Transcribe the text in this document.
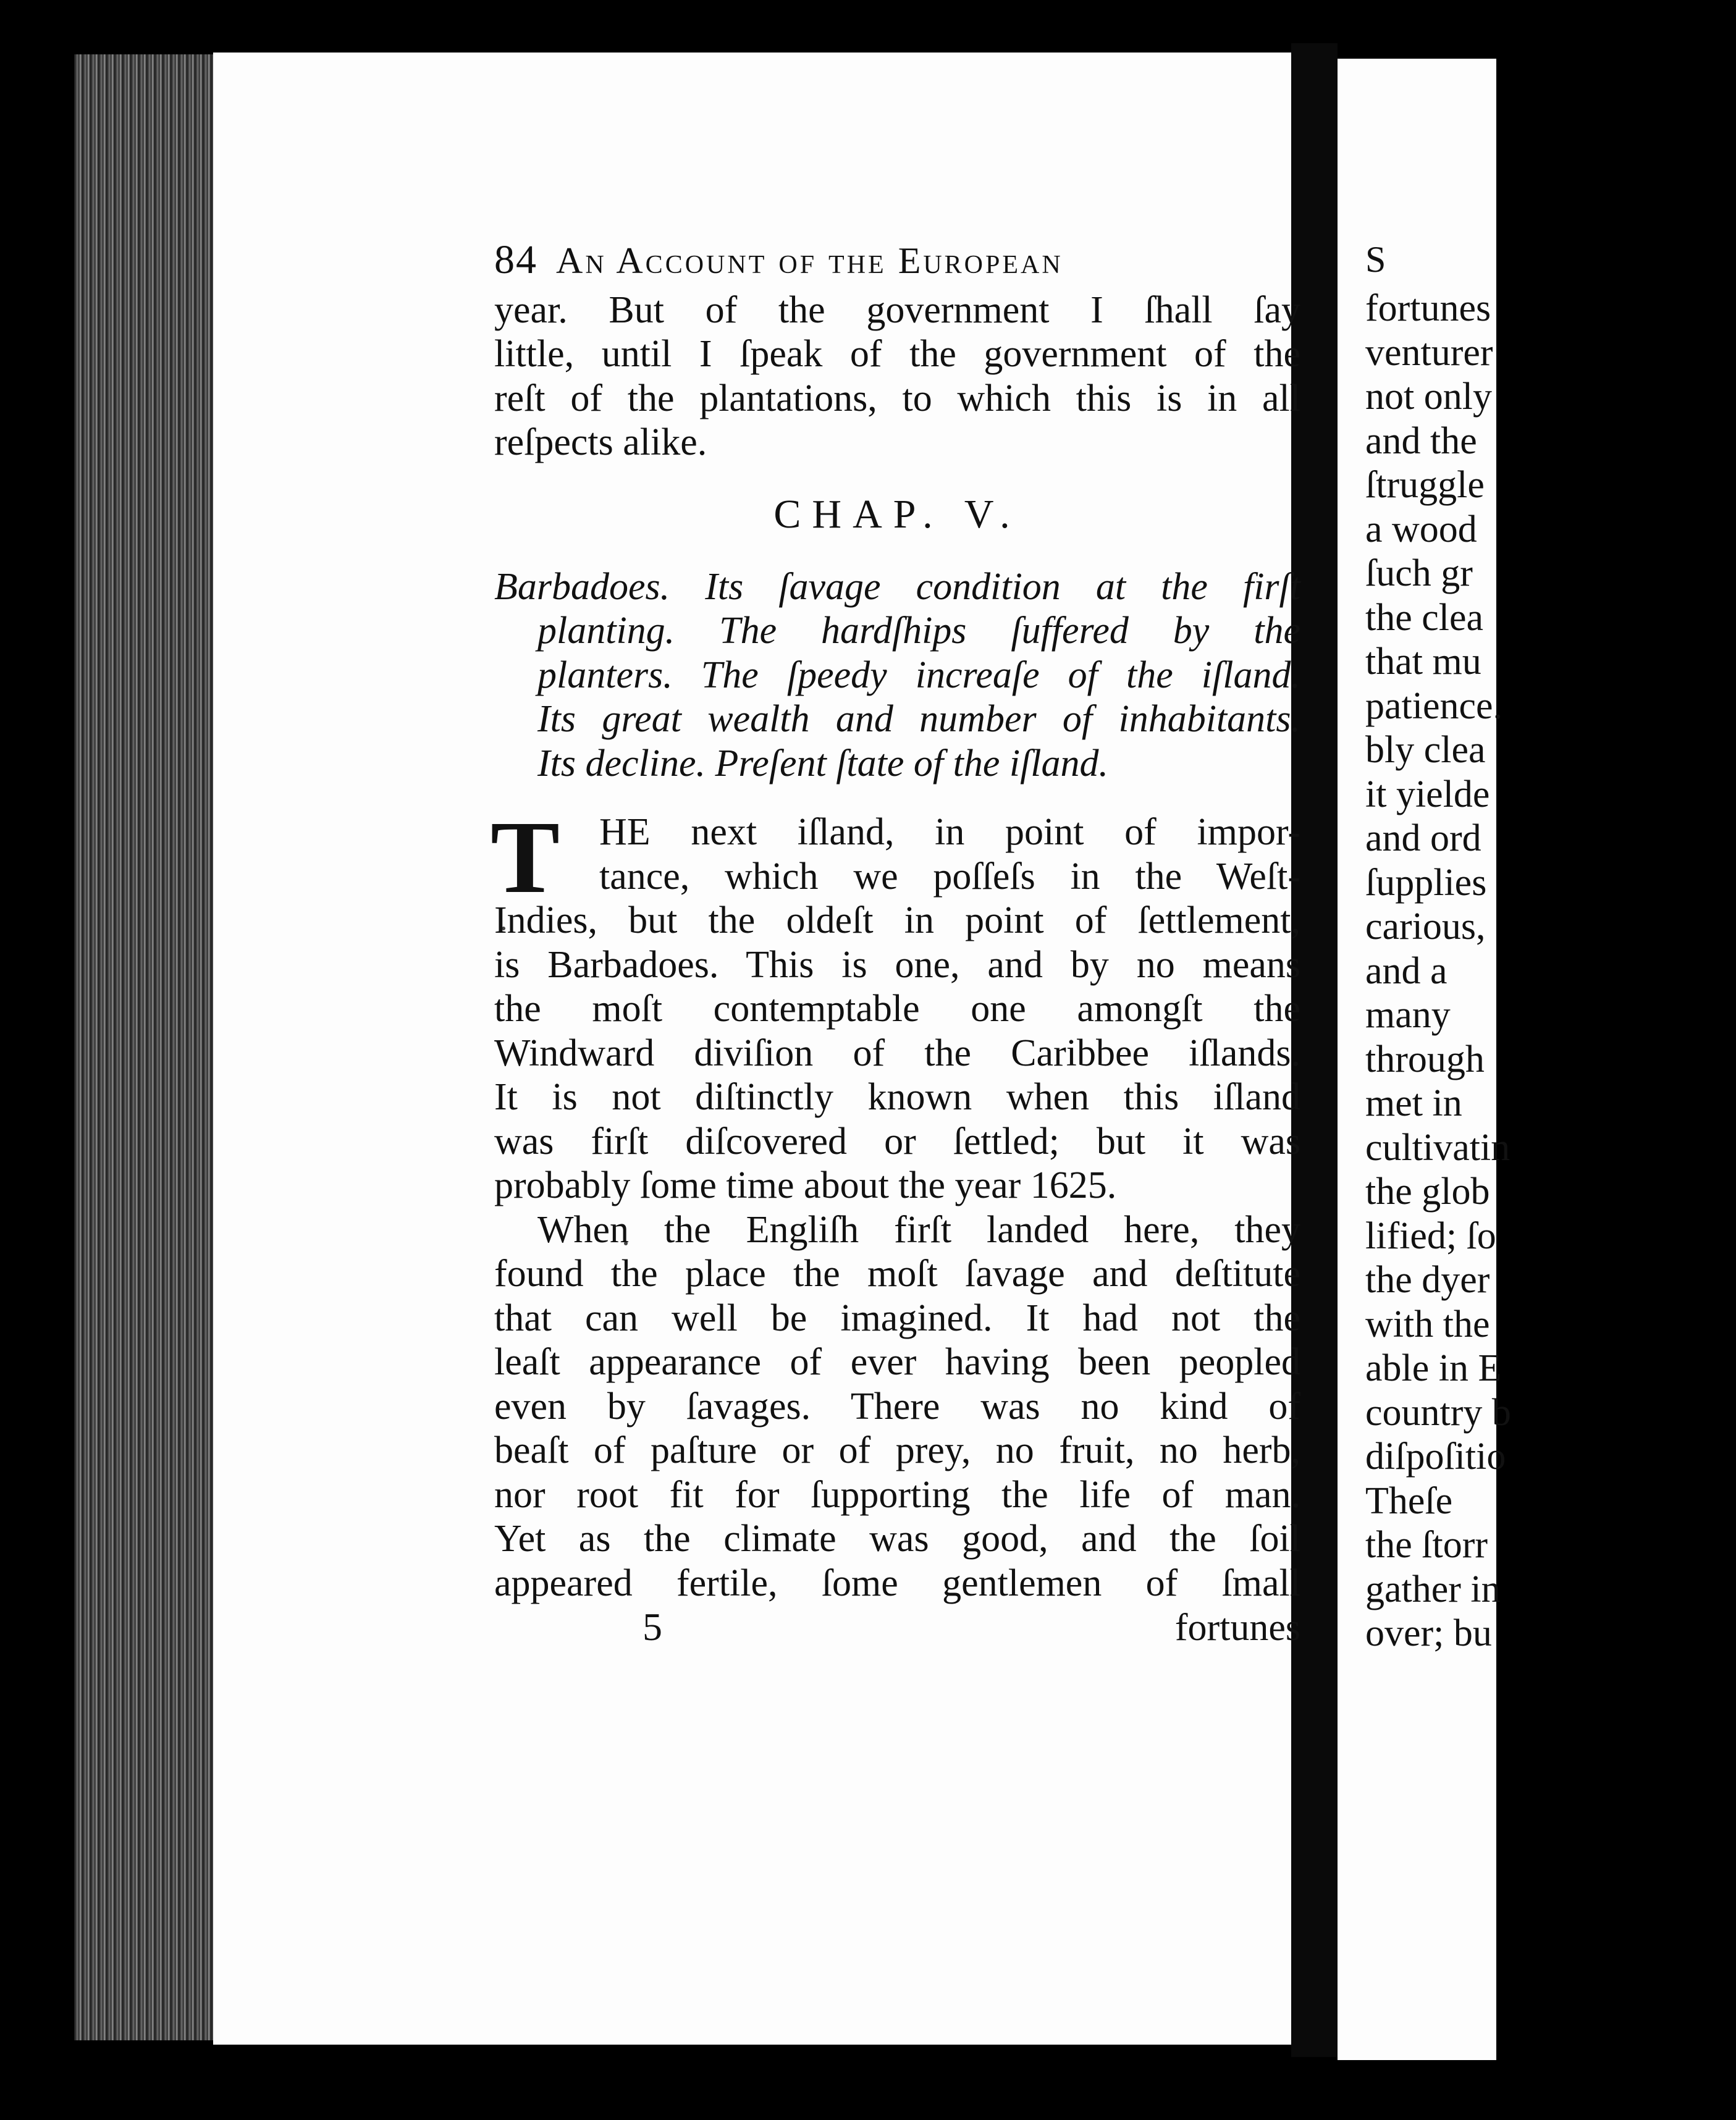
84 An Account of the European
year. But of the government I ſhall ſay
little, until I ſpeak of the government of the
reſt of the plantations, to which this is in all
reſpects alike.
CHAP. V.
Barbadoes. Its ſavage condition at the firſt
planting. The hardſhips ſuffered by the
planters. The ſpeedy increaſe of the iſland.
Its great wealth and number of inhabitants.
Its decline. Preſent ſtate of the iſland.
T	HE next iſland, in point of impor-
tance, which we poſſeſs in the Weſt-
Indies, but the oldeſt in point of ſettlement,
is Barbadoes. This is one, and by no means
the moſt contemptable one amongſt the
Windward diviſion of the Caribbee iſlands.
It is not diſtinctly known when this iſland
was firſt diſcovered or ſettled; but it was
probably ſome time about the year 1625.
When the Engliſh firſt landed here, they
found the place the moſt ſavage and deſtitute
that can well be imagined. It had not the
leaſt appearance of ever having been peopled
even by ſavages. There was no kind of
beaſt of paſture or of prey, no fruit, no herb,
nor root fit for ſupporting the life of man.
Yet as the climate was good, and the ſoil
appeared fertile, ſome gentlemen of ſmall
5	fortunes
S
fortunes
venturer
not only
and the
ſtruggle
a wood
ſuch gr
the clea
that mu
patience.
bly clea
it yielde
and ord
ſupplies
carious,
and a
many
through
met in
cultivatin
the glob
lified; ſo
the dyer
with the
able in E
country b
diſpoſitio
Theſe
the ſtorr
gather in
over; bu
